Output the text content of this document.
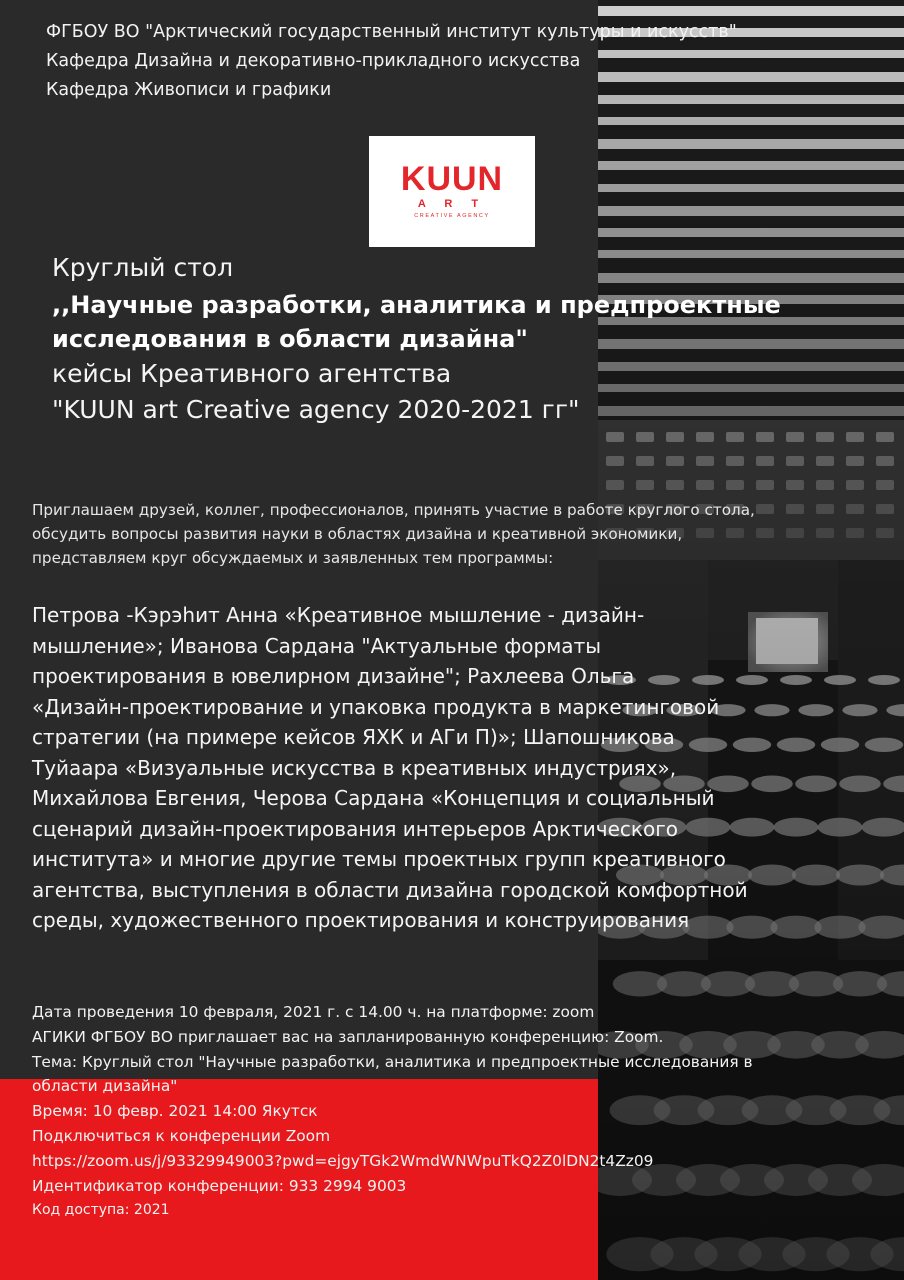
ФГБОУ ВО "Арктический государственный институт культуры и искусств"
Кафедра Дизайна и декоративно-прикладного искусства
Кафедра Живописи и графики
KUUN
A R T
CREATIVE AGENCY
Круглый стол
,,Научные разработки, аналитика и предпроектные
исследования в области дизайна"
кейсы Креативного агентства
"KUUN art Creative agency 2020-2021 гг"
Приглашаем друзей, коллег, профессионалов, принять участие в работе круглого стола,
обсудить вопросы развития науки в областях дизайна и креативной экономики,
представляем круг обсуждаемых и заявленных тем программы:
Петрова -Кэрэhит Анна «Креативное мышление - дизайн-
мышление»; Иванова Сардана "Актуальные форматы
проектирования в ювелирном дизайне"; Рахлеева Ольга
«Дизайн-проектирование и упаковка продукта в маркетинговой
стратегии (на примере кейсов ЯХК и АГи П)»; Шапошникова
Туйаара «Визуальные искусства в креативных индустриях»,
Михайлова Евгения, Черова Сардана «Концепция и социальный
сценарий дизайн-проектирования интерьеров Арктического
института» и многие другие темы проектных групп креативного
агентства, выступления в области дизайна городской комфортной
среды, художественного проектирования и конструирования
Дата проведения 10 февраля, 2021 г. с 14.00 ч. на платформе: zoom
АГИКИ ФГБОУ ВО приглашает вас на запланированную конференцию: Zoom.
Тема: Круглый стол "Научные разработки, аналитика и предпроектные исследования в
области дизайна"
Время: 10 февр. 2021 14:00 Якутск
Подключиться к конференции Zoom
https://zoom.us/j/93329949003?pwd=ejgyTGk2WmdWNWpuTkQ2Z0lDN2t4Zz09
Идентификатор конференции: 933 2994 9003
Код доступа: 2021
